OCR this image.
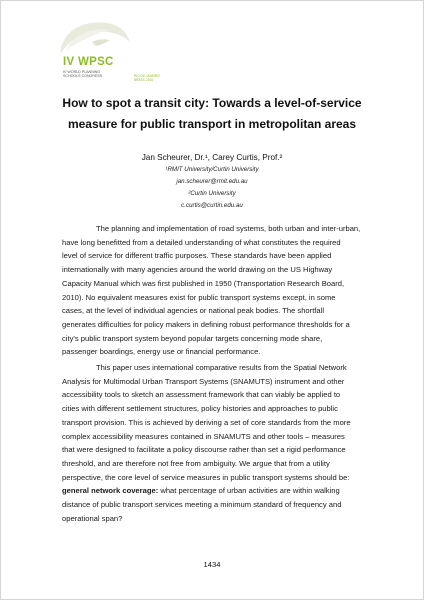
IV WPSC
IV WORLD PLANNING
SCHOOLS CONGRESS	RIO DE JANEIRO · BRASIL 2016
How to spot a transit city: Towards a level-of-service
measure for public transport in metropolitan areas
Jan Scheurer, Dr.¹, Carey Curtis, Prof.²
¹RMIT University/Curtin University
jan.scheurer@rmit.edu.au
²Curtin University
c.curtis@curtin.edu.au
The planning and implementation of road systems, both urban and inter-urban,
have long benefitted from a detailed understanding of what constitutes the required
level of service for different traffic purposes. These standards have been applied
internationally with many agencies around the world drawing on the US Highway
Capacity Manual which was first published in 1950 (Transportation Research Board,
2010). No equivalent measures exist for public transport systems except, in some
cases, at the level of individual agencies or national peak bodies. The shortfall
generates difficulties for policy makers in defining robust performance thresholds for a
city's public transport system beyond popular targets concerning mode share,
passenger boardings, energy use or financial performance.
This paper uses international comparative results from the Spatial Network
Analysis for Multimodal Urban Transport Systems (SNAMUTS) instrument and other
accessibility tools to sketch an assessment framework that can viably be applied to
cities with different settlement structures, policy histories and approaches to public
transport provision. This is achieved by deriving a set of core standards from the more
complex accessibility measures contained in SNAMUTS and other tools – measures
that were designed to facilitate a policy discourse rather than set a rigid performance
threshold, and are therefore not free from ambiguity. We argue that from a utility
perspective, the core level of service measures in public transport systems should be:
general network coverage: what percentage of urban activities are within walking
distance of public transport services meeting a minimum standard of frequency and
operational span?
1434
